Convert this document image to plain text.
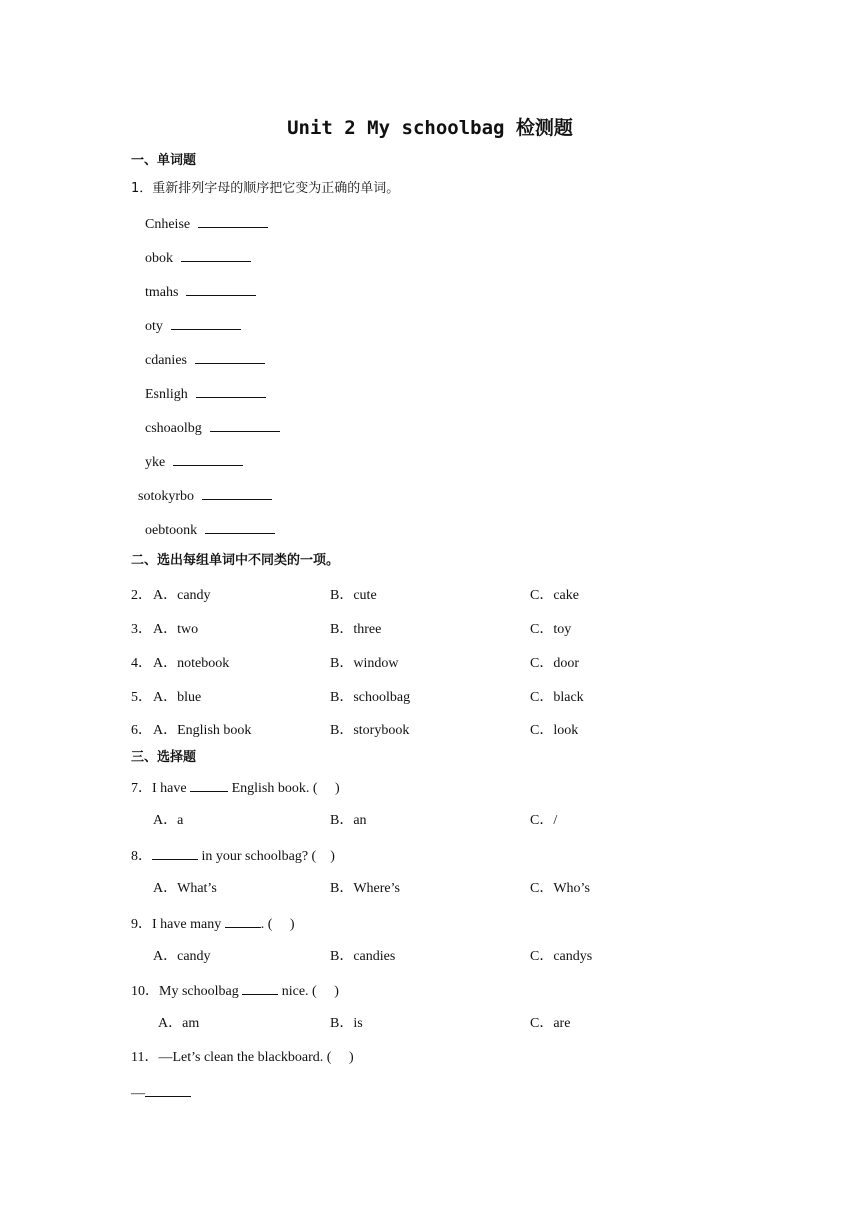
Unit 2 My schoolbag 检测题
一、单词题
1．重新排列字母的顺序把它变为正确的单词。
Cnheise
obok
tmahs
oty
cdanies
Esnligh
cshoaolbg
yke
sotokyrbo
oebtoonk
二、选出每组单词中不同类的一项。
2． A．candy	B．cute	C．cake
3． A．two	B．three	C．toy
4． A．notebook	B．window	C．door
5． A．blue	B．schoolbag	C．black
6． A．English book	B．storybook	C．look
三、选择题
7．I have	English book. (　 )
A．a	B．an	C．/
8．	in your schoolbag? (　)
A．What’s	B．Where’s	C．Who’s
9．I have many	. (　 )
A．candy	B．candies	C．candys
10．My schoolbag	nice. (　 )
A．am	B．is	C．are
11．—Let’s clean the blackboard. (　 )
—
